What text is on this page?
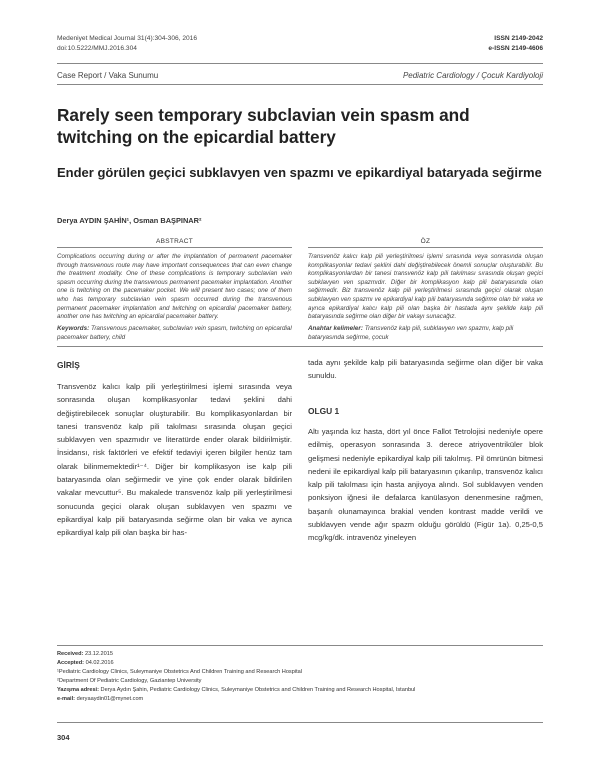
Medeniyet Medical Journal 31(4):304-306, 2016
doi:10.5222/MMJ.2016.304
ISSN 2149-2042
e-ISSN 2149-4606
Case Report / Vaka Sunumu	Pediatric Cardiology / Çocuk Kardiyoloji
Rarely seen temporary subclavian vein spasm and twitching on the epicardial battery
Ender görülen geçici subklavyen ven spazmı ve epikardiyal bataryada seğirme
Derya AYDIN ŞAHİN¹, Osman BAŞPINAR²
ABSTRACT
Complications occurring during or after the implantation of permanent pacemaker through transvenous route may have important consequences that can even change the treatment modality. One of these complications is temporary subclavian vein spasm occurring during the transvenous permanent pacemaker implantation. Another one is twitching on the pacemaker pocket. We will present two cases; one of them who has temporary subclavian vein spasm occurred during the transvenous permanent pacemaker implantation and twitching on epicardial pacemaker battery, another one has twitching an epicardial pacemaker battery.
Keywords: Transvenous pacemaker, subclavian vein spasm, twitching on epicardial pacemaker battery, child
ÖZ
Transvenöz kalıcı kalp pili yerleştirilmesi işlemi sırasında veya sonrasında oluşan komplikasyonlar tedavi şeklini dahi değiştirebilecek önemli sonuçlar oluşturabilir. Bu komplikasyonlardan bir tanesi transvenöz kalp pili takılması sırasında oluşan geçici subklavyen ven spazmıdır. Diğer bir komplikasyon kalp pili bataryasında olan seğirmedir. Biz transvenöz kalp pili yerleştirilmesi sırasında geçici olarak oluşan subklavyen ven spazmı ve epikardiyal kalp pili bataryasında seğirme olan bir vaka ve ayrıca epikardiyal kalıcı kalp pili olan başka bir hastada aynı şekilde kalp pili bataryasında seğirme olan diğer bir vakayı sunacağız.
Anahtar kelimeler: Transvenöz kalp pili, subklavyen ven spazmı, kalp pili bataryasında seğirme, çocuk
GİRİŞ
Transvenöz kalıcı kalp pili yerleştirilmesi işlemi sırasında veya sonrasında oluşan komplikasyonlar tedavi şeklini dahi değiştirebilecek sonuçlar oluşturabilir. Bu komplikasyonlardan bir tanesi transvenöz kalp pili takılması sırasında oluşan geçici subklavyen ven spazmıdır ve literatürde ender olarak bildirilmiştir. İnsidansı, risk faktörleri ve efektif tedaviyi içeren bilgiler henüz tam olarak bilinmemektedir¹⁻⁴. Diğer bir komplikasyon ise kalp pili bataryasında olan seğirmedir ve yine çok ender olarak bildirilen vakalar mevcuttur⁵. Bu makalede transvenöz kalp pili yerleştirilmesi sonucunda geçici olarak oluşan subklavyen ven spazmı ve epikardiyal kalp pili bataryasında seğirme olan bir vaka ve ayrıca epikardiyal kalp pili olan başka bir has-
tada aynı şekilde kalp pili bataryasında seğirme olan diğer bir vaka sunuldu.
OLGU 1
Altı yaşında kız hasta, dört yıl önce Fallot Tetrolojisi nedeniyle opere edilmiş, operasyon sonrasında 3. derece atriyoventriküler blok gelişmesi nedeniyle epikardiyal kalp pili takılmış. Pil ömrünün bitmesi nedeni ile epikardiyal kalp pili bataryasının çıkarılıp, transvenöz kalıcı kalp pili takılması için hasta anjiyoya alındı. Sol subklavyen venden ponksiyon iğnesi ile defalarca kanülasyon denenmesine rağmen, başarılı olunamayınca brakial venden kontrast madde verildi ve subklavyen vende ağır spazm olduğu görüldü (Figür 1a). 0,25-0,5 mcg/kg/dk. intravenöz yineleyen
Received: 23.12.2015
Accepted: 04.02.2016
¹Pediatric Cardiology Clinics, Suleymaniye Obstetrics And Children Training and Research Hospital
²Department Of Pediatric Cardiology, Gaziantep University
Yazışma adresi: Derya Aydın Şahin, Pediatric Cardiology Clinics, Suleymaniye Obstetrics and Children Training and Research Hospital, Istanbul
e-mail: deryaaydin01@mynet.com
304
